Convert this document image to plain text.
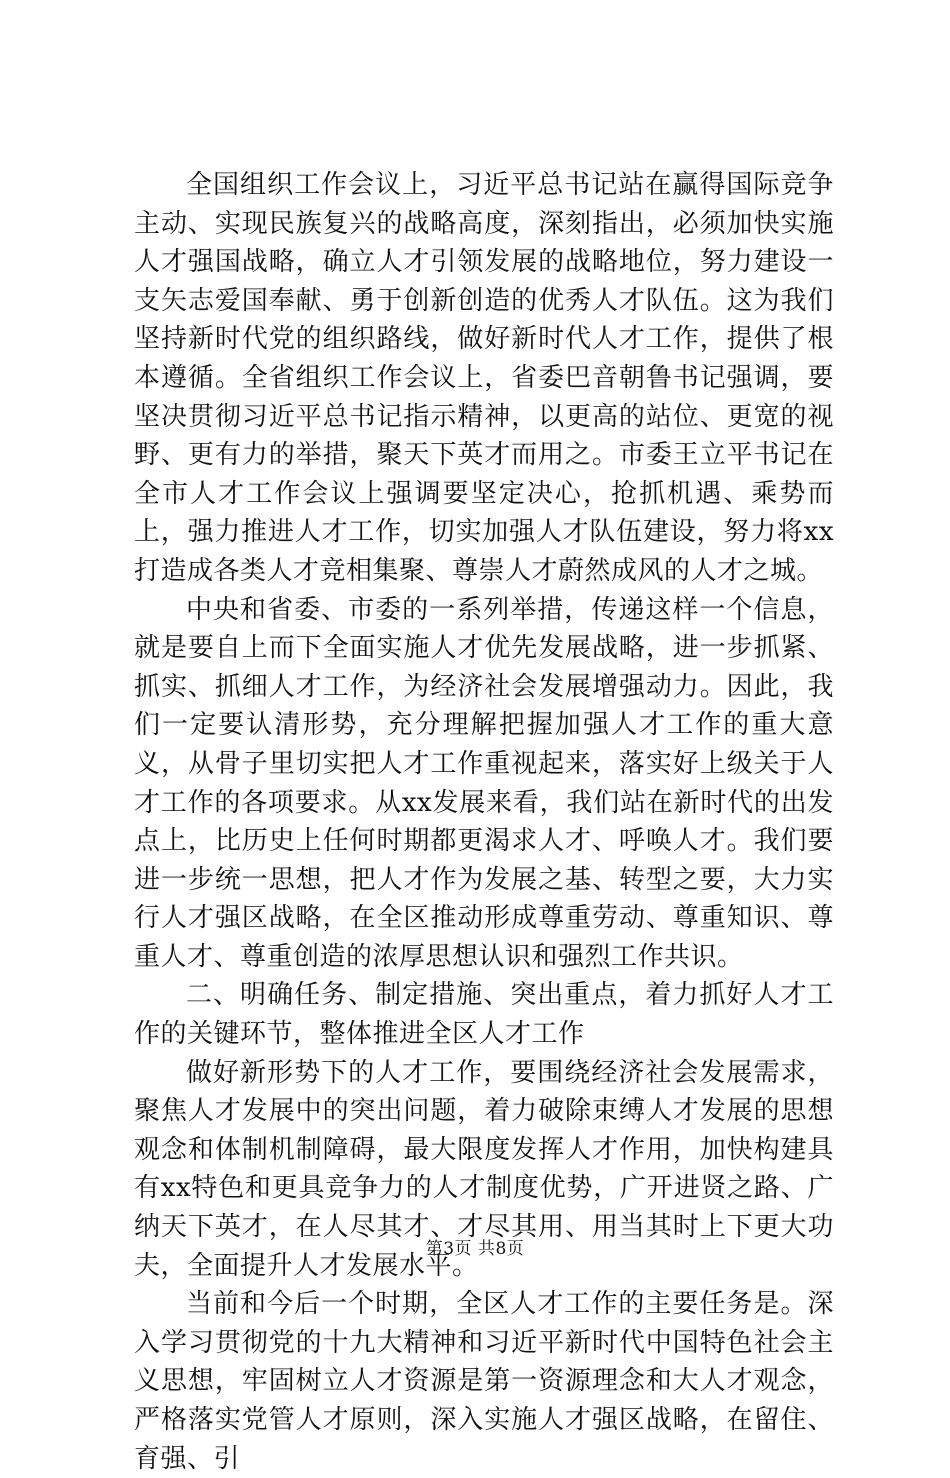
全国组织工作会议上，习近平总书记站在赢得国际竞争主动、实现民族复兴的战略高度，深刻指出，必须加快实施人才强国战略，确立人才引领发展的战略地位，努力建设一支矢志爱国奉献、勇于创新创造的优秀人才队伍。这为我们坚持新时代党的组织路线，做好新时代人才工作，提供了根本遵循。全省组织工作会议上，省委巴音朝鲁书记强调，要坚决贯彻习近平总书记指示精神，以更高的站位、更宽的视野、更有力的举措，聚天下英才而用之。市委王立平书记在全市人才工作会议上强调要坚定决心，抢抓机遇、乘势而上，强力推进人才工作，切实加强人才队伍建设，努力将xx打造成各类人才竞相集聚、尊崇人才蔚然成风的人才之城。

中央和省委、市委的一系列举措，传递这样一个信息，就是要自上而下全面实施人才优先发展战略，进一步抓紧、抓实、抓细人才工作，为经济社会发展增强动力。因此，我们一定要认清形势，充分理解把握加强人才工作的重大意义，从骨子里切实把人才工作重视起来，落实好上级关于人才工作的各项要求。从xx发展来看，我们站在新时代的出发点上，比历史上任何时期都更渴求人才、呼唤人才。我们要进一步统一思想，把人才作为发展之基、转型之要，大力实行人才强区战略，在全区推动形成尊重劳动、尊重知识、尊重人才、尊重创造的浓厚思想认识和强烈工作共识。

二、明确任务、制定措施、突出重点，着力抓好人才工作的关键环节，整体推进全区人才工作

做好新形势下的人才工作，要围绕经济社会发展需求，聚焦人才发展中的突出问题，着力破除束缚人才发展的思想观念和体制机制障碍，最大限度发挥人才作用，加快构建具有xx特色和更具竞争力的人才制度优势，广开进贤之路、广纳天下英才，在人尽其才、才尽其用、用当其时上下更大功夫，全面提升人才发展水平。

当前和今后一个时期，全区人才工作的主要任务是。深入学习贯彻党的十九大精神和习近平新时代中国特色社会主义思想，牢固树立人才资源是第一资源理念和大人才观念，严格落实党管人才原则，深入实施人才强区战略，在留住、育强、引

第3页 共8页
